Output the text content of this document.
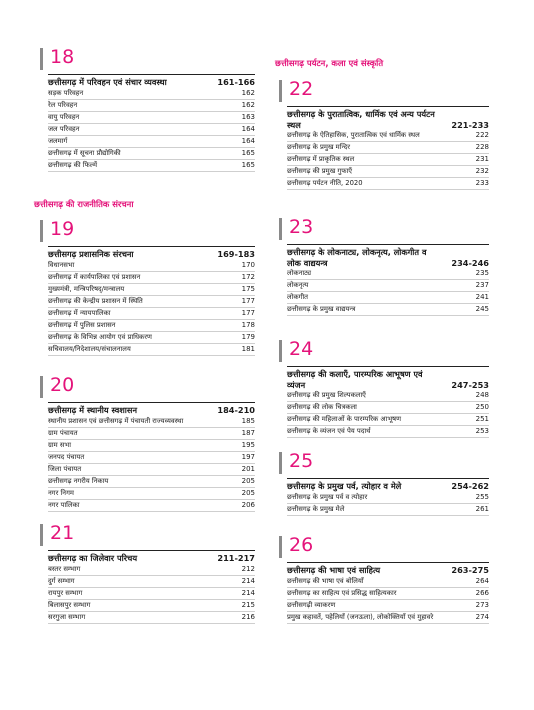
18
छत्तीसगढ़ में परिवहन एवं संचार व्यवस्था	161-166
सड़क परिवहन	162
रेल परिवहन	162
वायु परिवहन	163
जल परिवहन	164
जलमार्ग	164
छत्तीसगढ़ में सूचना प्रौद्योगिकी	165
छत्तीसगढ़ की फिल्में	165
छत्तीसगढ़ की राजनीतिक संरचना
19
छत्तीसगढ़ प्रशासनिक संरचना	169-183
विधानसभा	170
छत्तीसगढ़ में कार्यपालिका एवं प्रशासन	172
मुख्यमंत्री, मन्त्रिपरिषद्/मन्त्रालय	175
छत्तीसगढ़ की केन्द्रीय प्रशासन में स्थिति	177
छत्तीसगढ़ में न्यायपालिका	177
छत्तीसगढ़ में पुलिस प्रशासन	178
छत्तीसगढ़ के विभिन्न आयोग एवं प्राधिकरण	179
सचिवालय/निदेशालय/संचालनालय	181
20
छत्तीसगढ़ में स्थानीय स्वशासन	184-210
स्थानीय प्रशासन एवं छत्तीसगढ़ में पंचायती राज्यव्यवस्था	185
ग्राम पंचायत	187
ग्राम सभा	195
जनपद पंचायत	197
जिला पंचायत	201
छत्तीसगढ़ नगरीय निकाय	205
नगर निगम	205
नगर पालिका	206
21
छत्तीसगढ़ का जिलेवार परिचय	211-217
बस्तर सम्भाग	212
दुर्ग सम्भाग	214
रायपुर सम्भाग	214
बिलासपुर सम्भाग	215
सरगुजा सम्भाग	216
छत्तीसगढ़ पर्यटन, कला एवं संस्कृति
22
छत्तीसगढ़ के पुरातात्विक, धार्मिक एवं अन्य पर्यटन स्थल	221-233
छत्तीसगढ़ के ऐतिहासिक, पुरातात्विक एवं धार्मिक स्थल	222
छत्तीसगढ़ के प्रमुख मन्दिर	228
छत्तीसगढ़ में प्राकृतिक स्थल	231
छत्तीसगढ़ की प्रमुख गुफाएँ	232
छत्तीसगढ़ पर्यटन नीति, 2020	233
23
छत्तीसगढ़ के लोकनाट्य, लोकनृत्य, लोकगीत व लोक वाद्ययन्त्र	234-246
लोकनाट्य	235
लोकनृत्य	237
लोकगीत	241
छत्तीसगढ़ के प्रमुख वाद्ययन्त्र	245
24
छत्तीसगढ़ की कलाएँ, पारम्परिक आभूषण एवं व्यंजन	247-253
छत्तीसगढ़ की प्रमुख शिल्पकलाएँ	248
छत्तीसगढ़ की लोक चित्रकला	250
छत्तीसगढ़ की महिलाओं के पारम्परिक आभूषण	251
छत्तीसगढ़ के व्यंजन एवं पेय पदार्थ	253
25
छत्तीसगढ़ के प्रमुख पर्व, त्योहार व मेले	254-262
छत्तीसगढ़ के प्रमुख पर्व व त्योहार	255
छत्तीसगढ़ के प्रमुख मेले	261
26
छत्तीसगढ़ की भाषा एवं साहित्य	263-275
छत्तीसगढ़ की भाषा एवं बोलियाँ	264
छत्तीसगढ़ का साहित्य एवं प्रसिद्ध साहित्यकार	266
छत्तीसगढ़ी व्याकरण	273
प्रमुख कहावतें, पहेलियाँ (जनऊला), लोकोक्तियाँ एवं मुहावरे	274
